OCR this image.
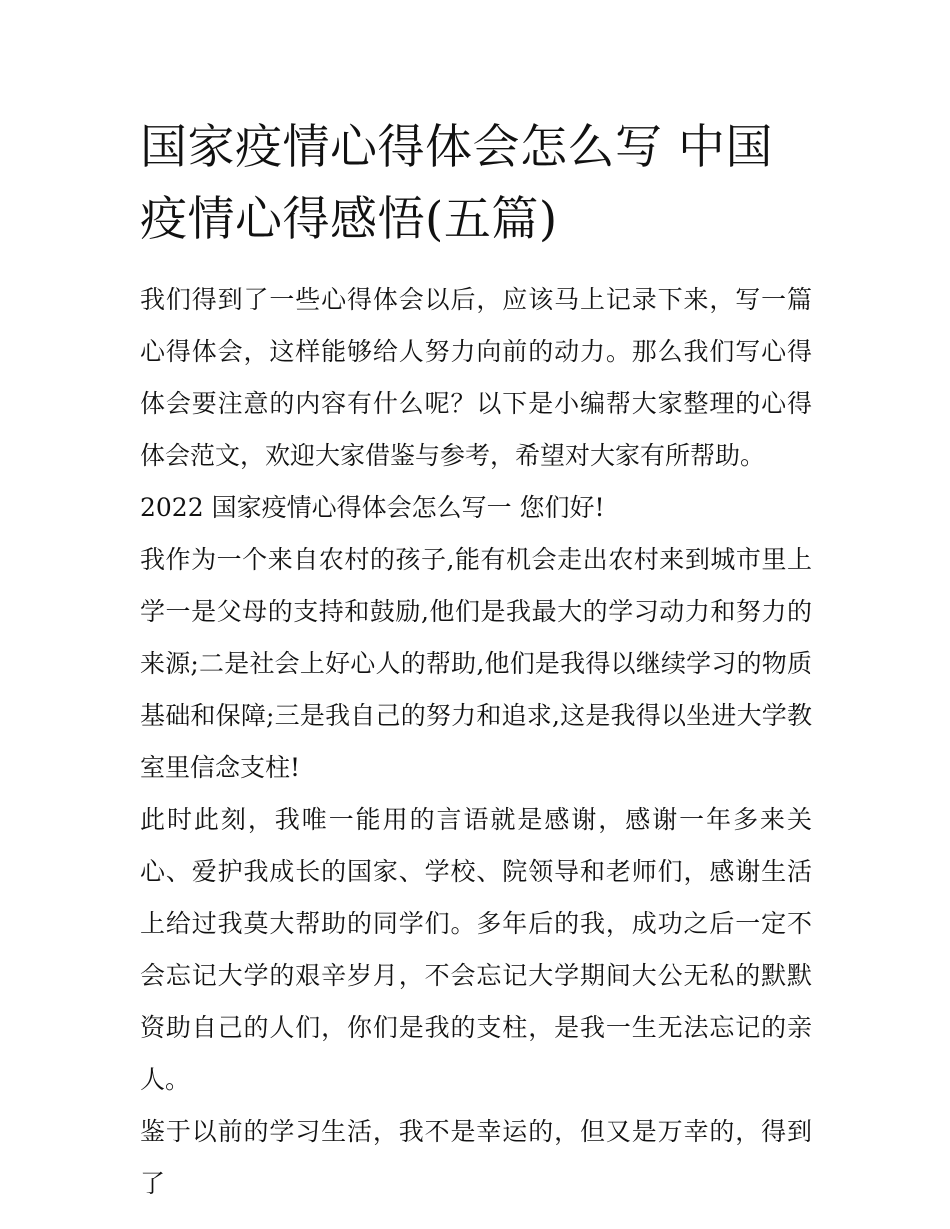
国家疫情心得体会怎么写 中国疫情心得感悟(五篇)

我们得到了一些心得体会以后，应该马上记录下来，写一篇心得体会，这样能够给人努力向前的动力。那么我们写心得体会要注意的内容有什么呢？以下是小编帮大家整理的心得体会范文，欢迎大家借鉴与参考，希望对大家有所帮助。

2022 国家疫情心得体会怎么写一 您们好!

我作为一个来自农村的孩子,能有机会走出农村来到城市里上学一是父母的支持和鼓励,他们是我最大的学习动力和努力的来源;二是社会上好心人的帮助,他们是我得以继续学习的物质基础和保障;三是我自己的努力和追求,这是我得以坐进大学教室里信念支柱!

此时此刻，我唯一能用的言语就是感谢，感谢一年多来关心、爱护我成长的国家、学校、院领导和老师们，感谢生活上给过我莫大帮助的同学们。多年后的我，成功之后一定不会忘记大学的艰辛岁月，不会忘记大学期间大公无私的默默资助自己的人们，你们是我的支柱，是我一生无法忘记的亲人。

鉴于以前的学习生活，我不是幸运的，但又是万幸的，得到了
